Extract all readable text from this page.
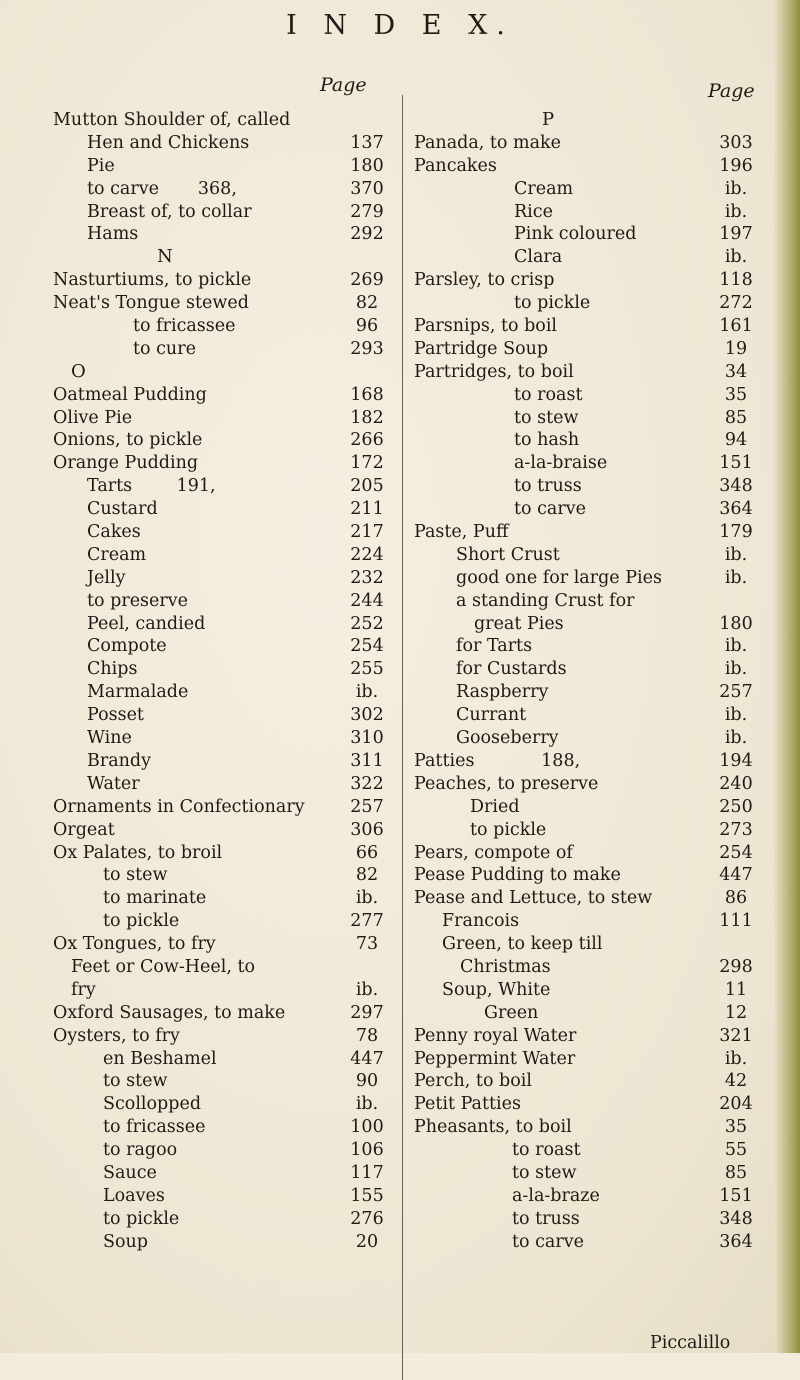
I N D E X.
Page	Page
Mutton Shoulder of, called
Hen and Chickens	137
Pie	180
to carve       368,	370
Breast of, to collar	279
Hams	292
N
Nasturtiums, to pickle	269
Neat's Tongue stewed	82
to fricassee	96
to cure	293
O
Oatmeal Pudding	168
Olive Pie	182
Onions, to pickle	266
Orange Pudding	172
Tarts        191,	205
Custard	211
Cakes	217
Cream	224
Jelly	232
to preserve	244
Peel, candied	252
Compote	254
Chips	255
Marmalade	ib.
Posset	302
Wine	310
Brandy	311
Water	322
Ornaments in Confectionary	257
Orgeat	306
Ox Palates, to broil	66
to stew	82
to marinate	ib.
to pickle	277
Ox Tongues, to fry	73
Feet or Cow-Heel, to
fry	ib.
Oxford Sausages, to make	297
Oysters, to fry	78
en Beshamel	447
to stew	90
Scollopped	ib.
to fricassee	100
to ragoo	106
Sauce	117
Loaves	155
to pickle	276
Soup	20
P
Panada, to make	303
Pancakes	196
Cream	ib.
Rice	ib.
Pink coloured	197
Clara	ib.
Parsley, to crisp	118
to pickle	272
Parsnips, to boil	161
Partridge Soup	19
Partridges, to boil	34
to roast	35
to stew	85
to hash	94
a-la-braise	151
to truss	348
to carve	364
Paste, Puff	179
Short Crust	ib.
good one for large Pies	ib.
a standing Crust for
great Pies	180
for Tarts	ib.
for Custards	ib.
Raspberry	257
Currant	ib.
Gooseberry	ib.
Patties            188,	194
Peaches, to preserve	240
Dried	250
to pickle	273
Pears, compote of	254
Pease Pudding to make	447
Pease and Lettuce, to stew	86
Francois	111
Green, to keep till
Christmas	298
Soup, White	11
Green	12
Penny royal Water	321
Peppermint Water	ib.
Perch, to boil	42
Petit Patties	204
Pheasants, to boil	35
to roast	55
to stew	85
a-la-braze	151
to truss	348
to carve	364
Piccalillo
